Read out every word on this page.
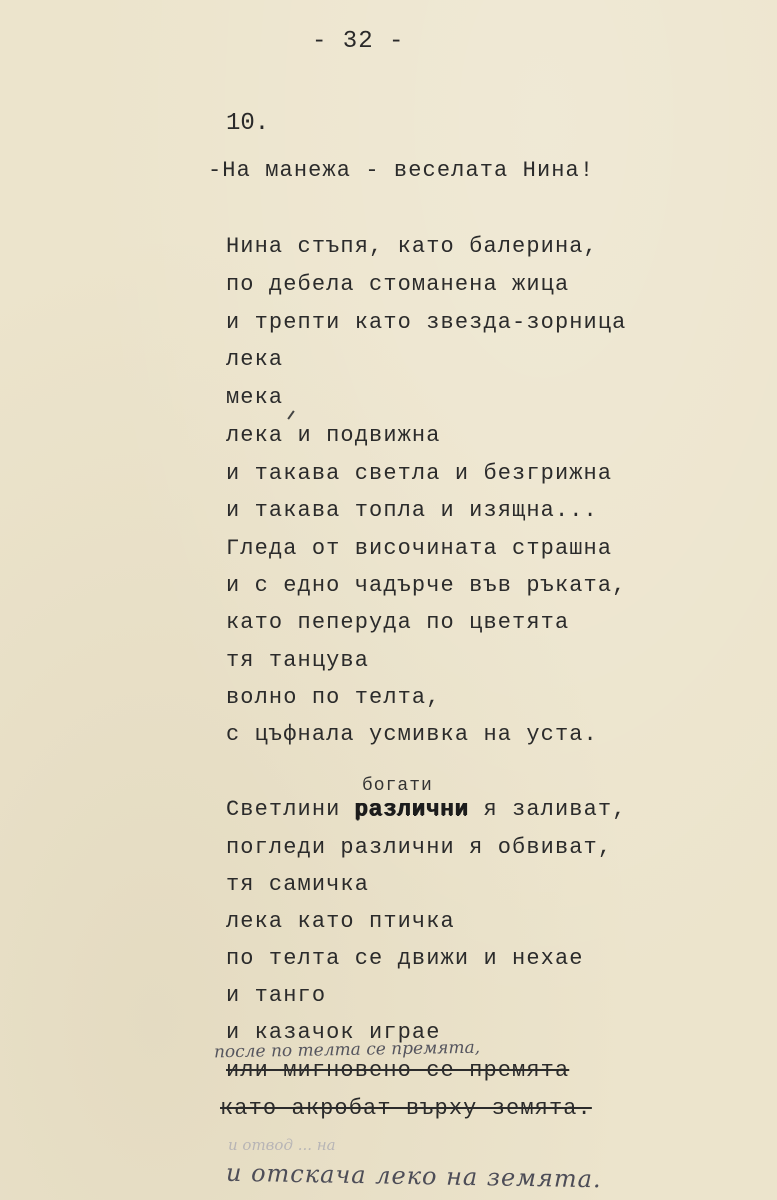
- 32 -
10.
-На манежа - веселата Нина!
Нина стъпя, като балерина,
по дебела стоманена жица
и трепти като звезда-зорница
лека
мека
лека и подвижна
и такава светла и безгрижна
и такава топла и изящна...
Гледа от височината страшна
и с едно чадърче във ръката,
като пеперуда по цветята
тя танцува
волно по телта,
с цъфнала усмивка на уста.
богати
Светлини различни я заливат,
погледи различни я обвиват,
тя самичка
лека като птичка
по телта се движи и нехае
и танго
и казачок играе
после по телта се премята,
или мигновено се премята
като акробат върху земята.
и отвод ... на
и отскача леко на земята.
